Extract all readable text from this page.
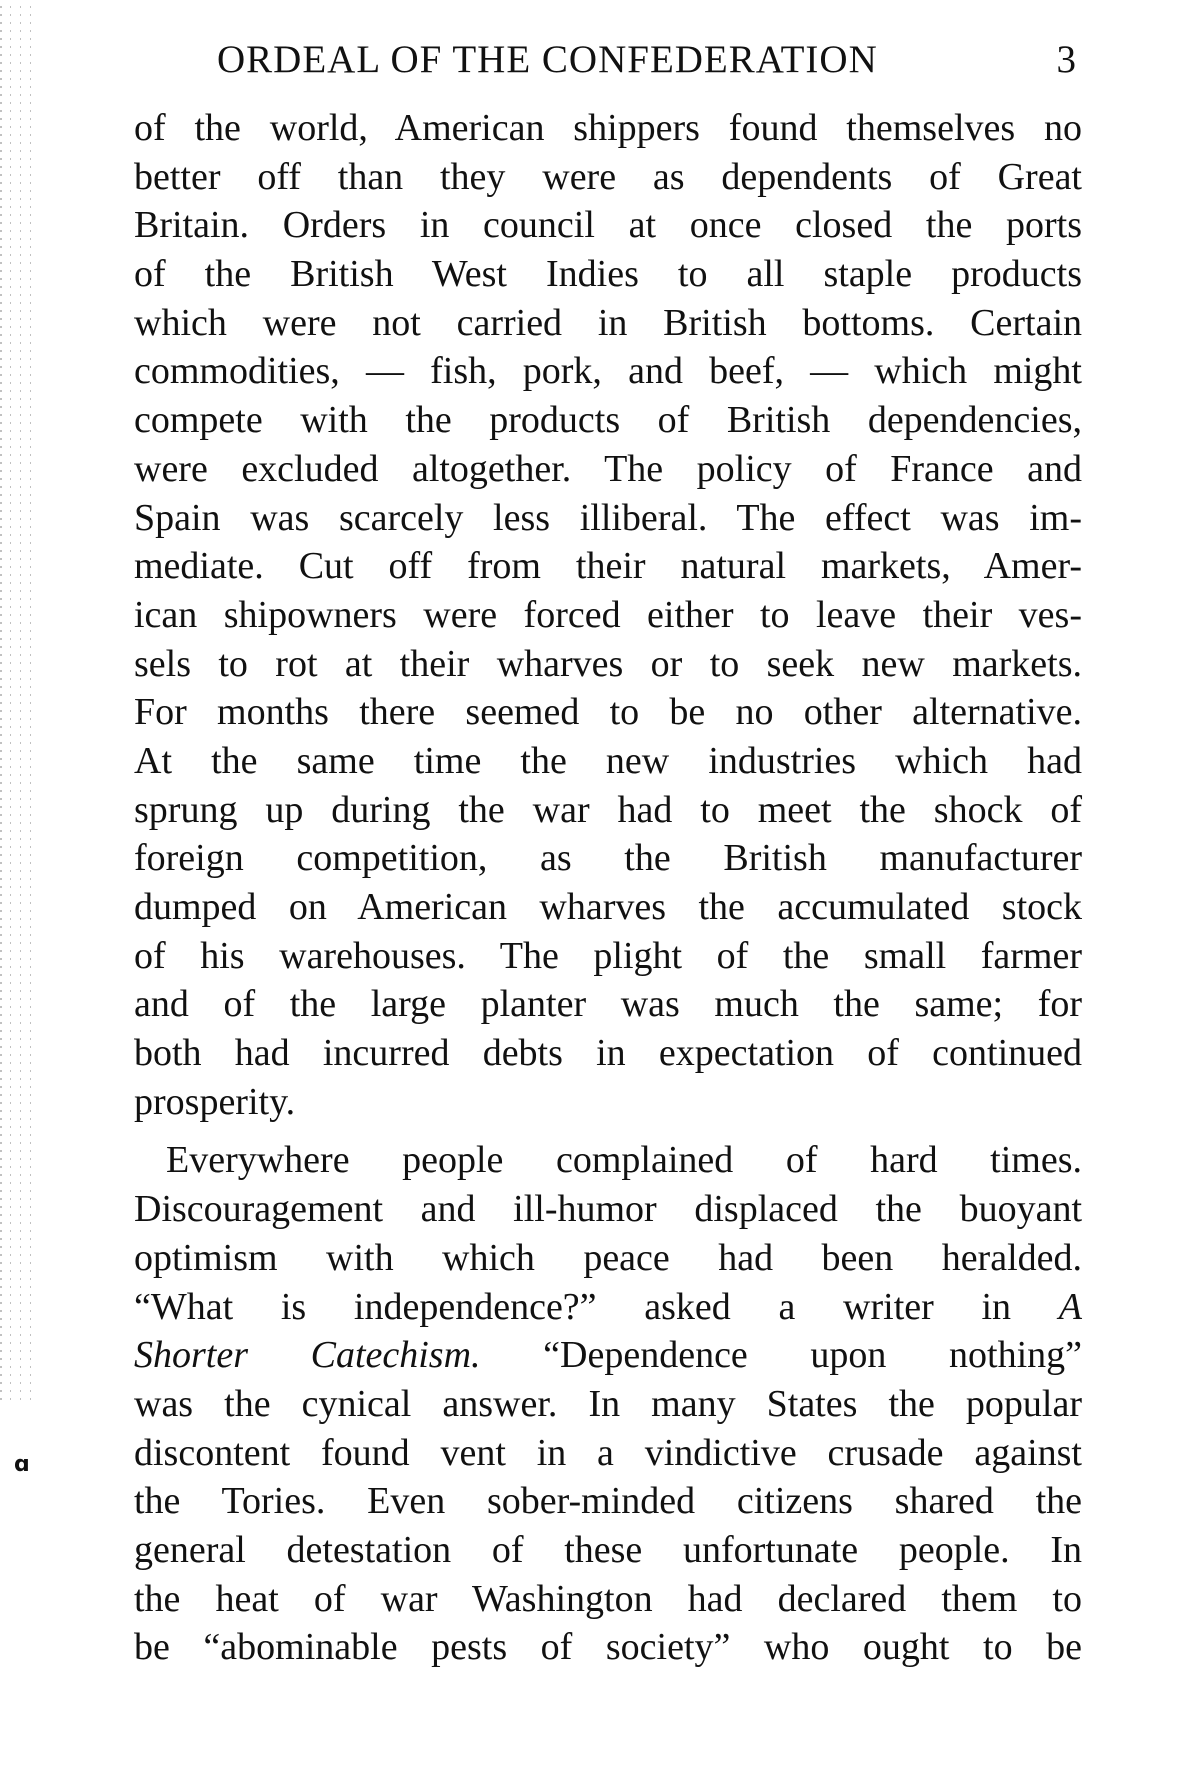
ɑ
ORDEAL OF THE CONFEDERATION	3
of the world, American shippers found themselves no
better off than they were as dependents of Great
Britain. Orders in council at once closed the ports
of the British West Indies to all staple products
which were not carried in British bottoms. Certain
commodities, — fish, pork, and beef, — which might
compete with the products of British dependencies,
were excluded altogether. The policy of France and
Spain was scarcely less illiberal. The effect was im-
mediate. Cut off from their natural markets, Amer-
ican shipowners were forced either to leave their ves-
sels to rot at their wharves or to seek new markets.
For months there seemed to be no other alternative.
At the same time the new industries which had
sprung up during the war had to meet the shock of
foreign competition, as the British manufacturer
dumped on American wharves the accumulated stock
of his warehouses. The plight of the small farmer
and of the large planter was much the same; for
both had incurred debts in expectation of continued
prosperity.
Everywhere people complained of hard times.
Discouragement and ill-humor displaced the buoyant
optimism with which peace had been heralded.
“What is independence?” asked a writer in A
Shorter Catechism. “Dependence upon nothing”
was the cynical answer. In many States the popular
discontent found vent in a vindictive crusade against
the Tories. Even sober-minded citizens shared the
general detestation of these unfortunate people. In
the heat of war Washington had declared them to
be “abominable pests of society” who ought to be
